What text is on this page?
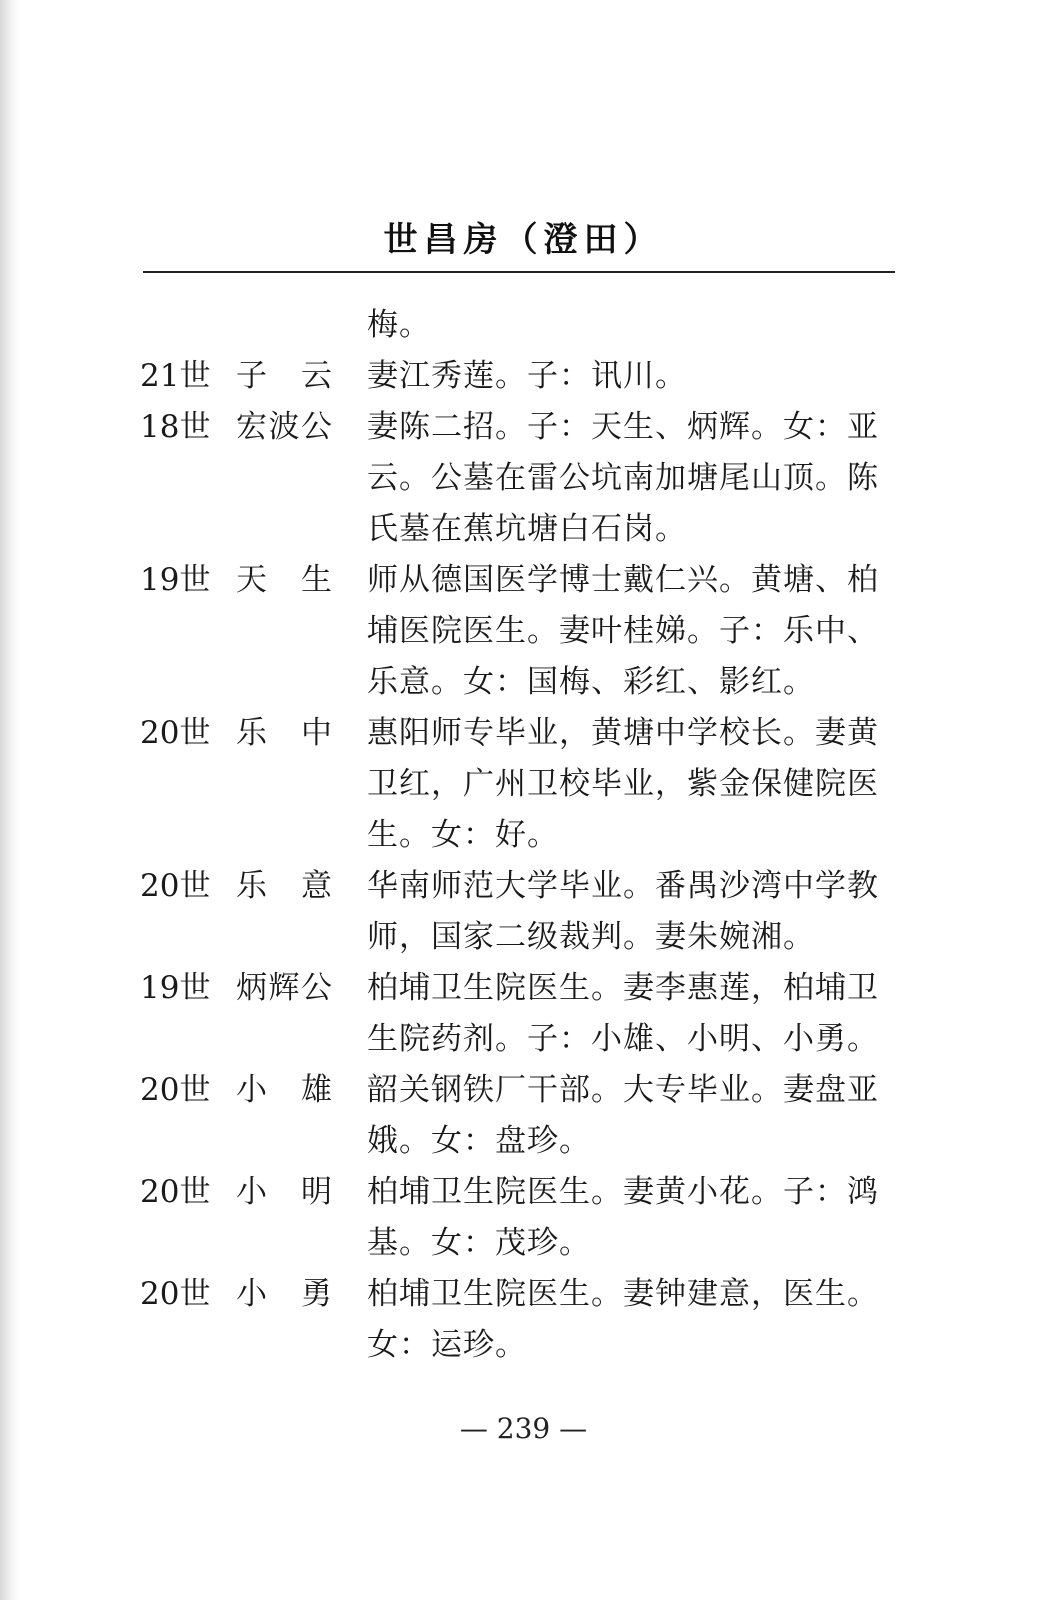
世昌房（澄田）
梅。
21世 子云 妻江秀莲。子：讯川。
18世 宏波公 妻陈二招。子：天生、炳辉。女：亚
云。公墓在雷公坑南加塘尾山顶。陈
氏墓在蕉坑塘白石岗。
19世 天生 师从德国医学博士戴仁兴。黄塘、柏
埔医院医生。妻叶桂娣。子：乐中、
乐意。女：国梅、彩红、影红。
20世 乐中 惠阳师专毕业，黄塘中学校长。妻黄
卫红，广州卫校毕业，紫金保健院医
生。女：好。
20世 乐意 华南师范大学毕业。番禺沙湾中学教
师，国家二级裁判。妻朱婉湘。
19世 炳辉公 柏埔卫生院医生。妻李惠莲，柏埔卫
生院药剂。子：小雄、小明、小勇。
20世 小雄 韶关钢铁厂干部。大专毕业。妻盘亚
娥。女：盘珍。
20世 小明 柏埔卫生院医生。妻黄小花。子：鸿
基。女：茂珍。
20世 小勇 柏埔卫生院医生。妻钟建意，医生。
女：运珍。
— 239 —
